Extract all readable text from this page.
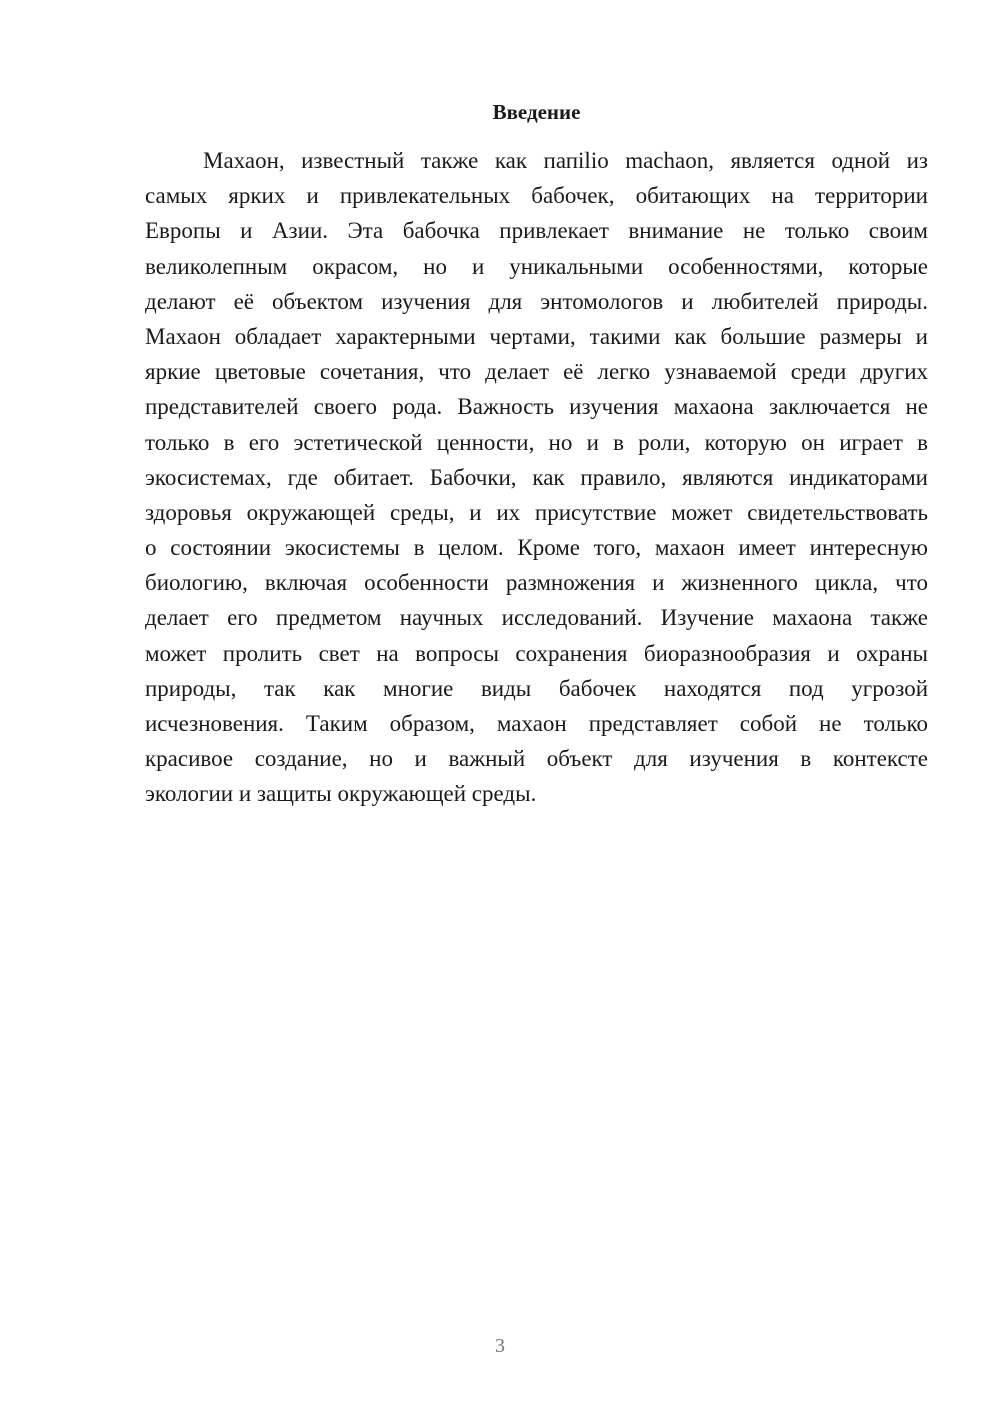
Введение
Махаон, известный также как папilio machaon, является одной из
самых ярких и привлекательных бабочек, обитающих на территории
Европы и Азии. Эта бабочка привлекает внимание не только своим
великолепным окрасом, но и уникальными особенностями, которые
делают её объектом изучения для энтомологов и любителей природы.
Махаон обладает характерными чертами, такими как большие размеры и
яркие цветовые сочетания, что делает её легко узнаваемой среди других
представителей своего рода. Важность изучения махаона заключается не
только в его эстетической ценности, но и в роли, которую он играет в
экосистемах, где обитает. Бабочки, как правило, являются индикаторами
здоровья окружающей среды, и их присутствие может свидетельствовать
о состоянии экосистемы в целом. Кроме того, махаон имеет интересную
биологию, включая особенности размножения и жизненного цикла, что
делает его предметом научных исследований. Изучение махаона также
может пролить свет на вопросы сохранения биоразнообразия и охраны
природы, так как многие виды бабочек находятся под угрозой
исчезновения. Таким образом, махаон представляет собой не только
красивое создание, но и важный объект для изучения в контексте
экологии и защиты окружающей среды.
3
